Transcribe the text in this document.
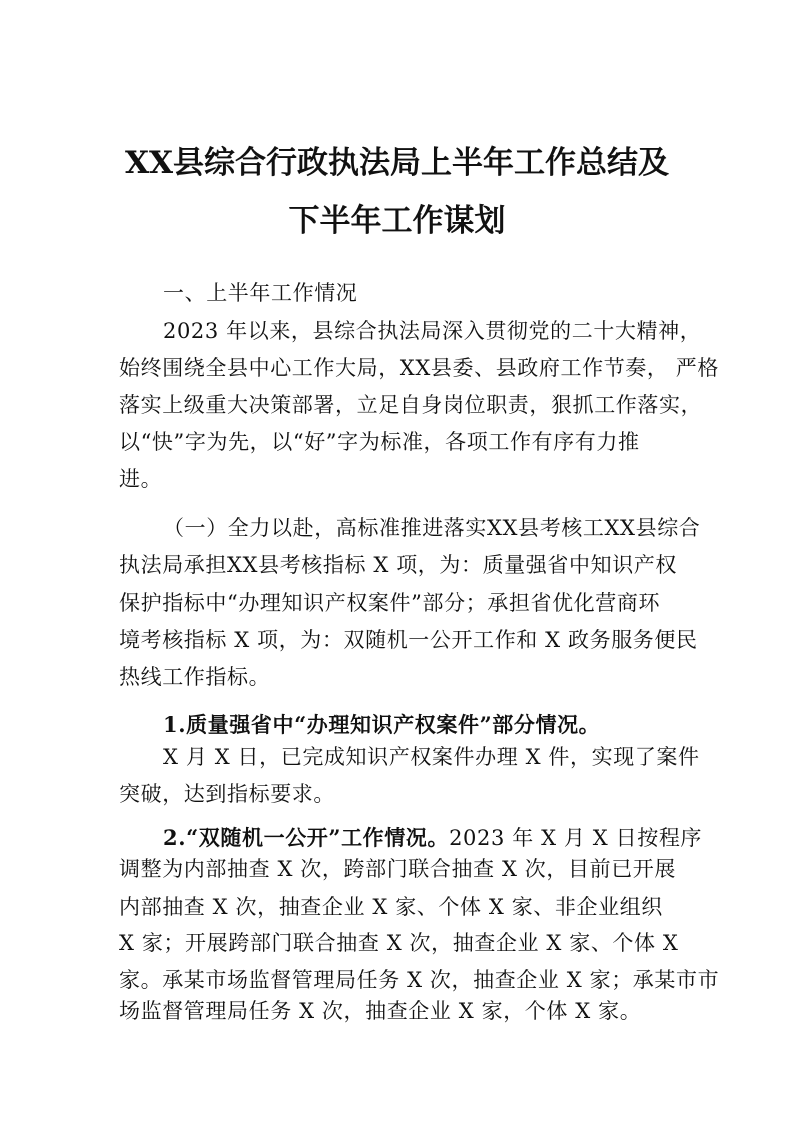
XX县综合行政执法局上半年工作总结及
下半年工作谋划
一、上半年工作情况
2023 年以来，县综合执法局深入贯彻党的二十大精神，
始终围绕全县中心工作大局，XX县委、县政府工作节奏， 严格
落实上级重大决策部署，立足自身岗位职责，狠抓工作落实，
以“快”字为先，以“好”字为标准，各项工作有序有力推
进。
（一）全力以赴，高标准推进落实XX县考核工XX县综合
执法局承担XX县考核指标 X 项，为：质量强省中知识产权
保护指标中“办理知识产权案件”部分；承担省优化营商环
境考核指标 X 项，为：双随机一公开工作和 X 政务服务便民
热线工作指标。
1.质量强省中“办理知识产权案件”部分情况。
X 月 X 日，已完成知识产权案件办理 X 件，实现了案件
突破，达到指标要求。
2.“双随机一公开”工作情况。2023 年 X 月 X 日按程序
调整为内部抽查 X 次，跨部门联合抽查 X 次，目前已开展
内部抽查 X 次，抽查企业 X 家、个体 X 家、非企业组织
X 家；开展跨部门联合抽查 X 次，抽查企业 X 家、个体 X
家。承某市场监督管理局任务 X 次，抽查企业 X 家；承某市市
场监督管理局任务 X 次，抽查企业 X 家，个体 X 家。
